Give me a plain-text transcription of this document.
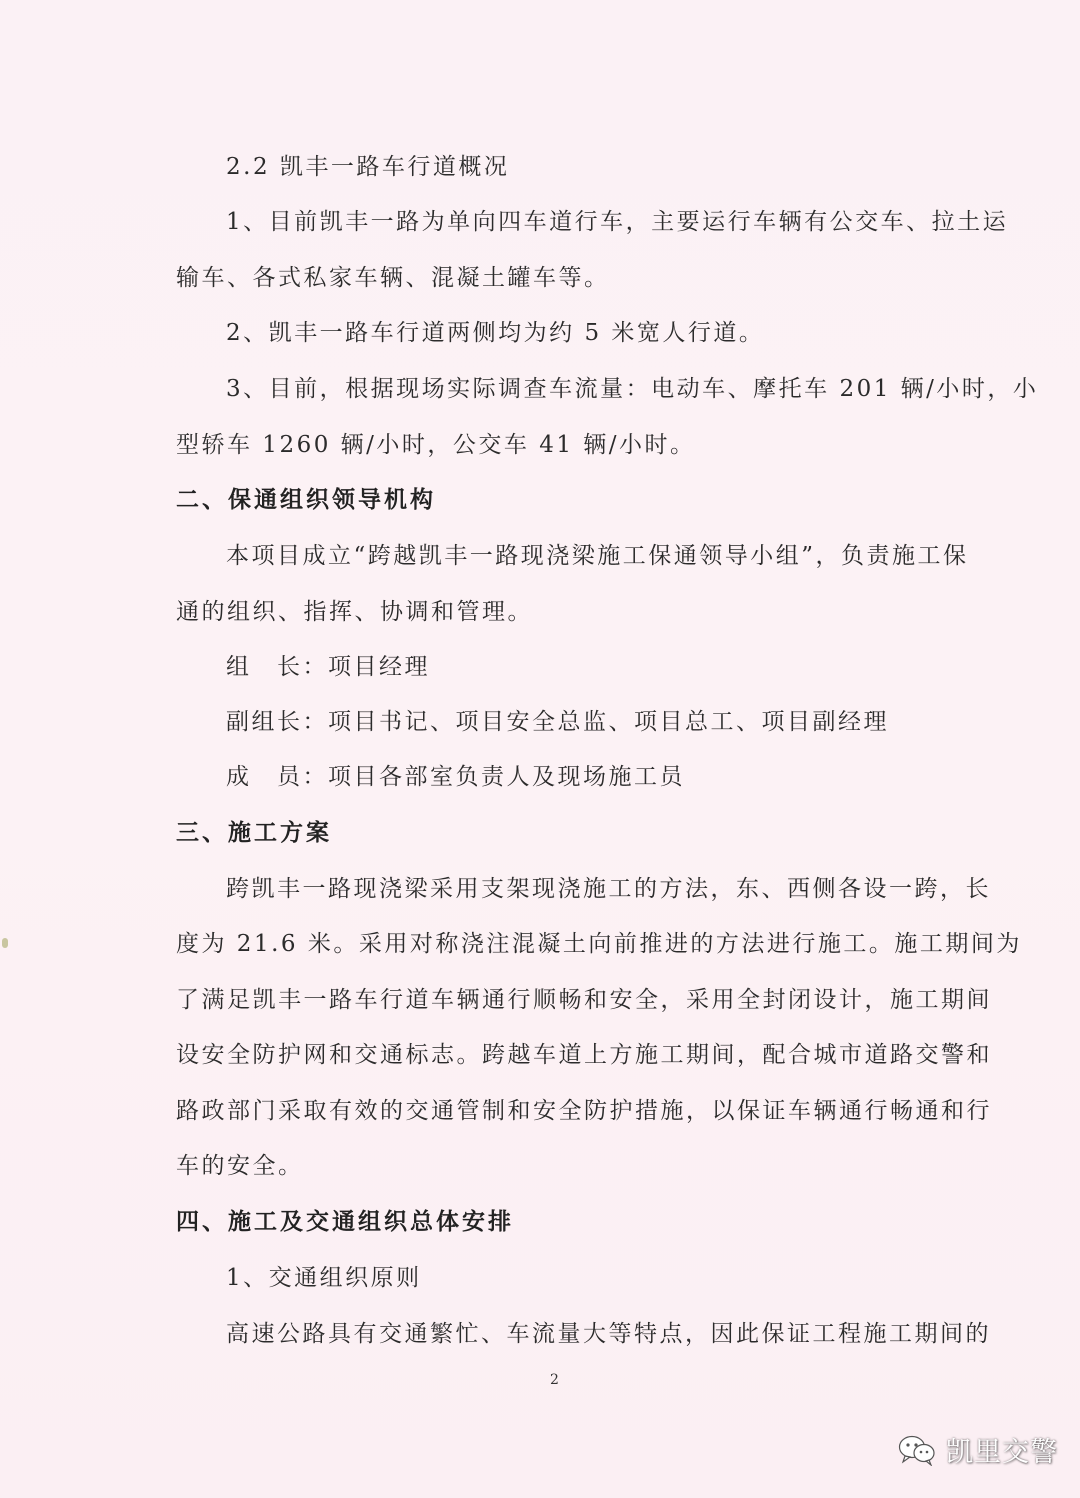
2.2 凯丰一路车行道概况
1、目前凯丰一路为单向四车道行车，主要运行车辆有公交车、拉土运
输车、各式私家车辆、混凝土罐车等。
2、凯丰一路车行道两侧均为约 5 米宽人行道。
3、目前，根据现场实际调查车流量：电动车、摩托车 201 辆/小时，小
型轿车 1260 辆/小时，公交车 41 辆/小时。
二、保通组织领导机构
本项目成立“跨越凯丰一路现浇梁施工保通领导小组”，负责施工保
通的组织、指挥、协调和管理。
组　长：项目经理
副组长：项目书记、项目安全总监、项目总工、项目副经理
成　员：项目各部室负责人及现场施工员
三、施工方案
跨凯丰一路现浇梁采用支架现浇施工的方法，东、西侧各设一跨，长
度为 21.6 米。采用对称浇注混凝土向前推进的方法进行施工。施工期间为
了满足凯丰一路车行道车辆通行顺畅和安全，采用全封闭设计，施工期间
设安全防护网和交通标志。跨越车道上方施工期间，配合城市道路交警和
路政部门采取有效的交通管制和安全防护措施，以保证车辆通行畅通和行
车的安全。
四、施工及交通组织总体安排
1、交通组织原则
高速公路具有交通繁忙、车流量大等特点，因此保证工程施工期间的
2
凯里交警
